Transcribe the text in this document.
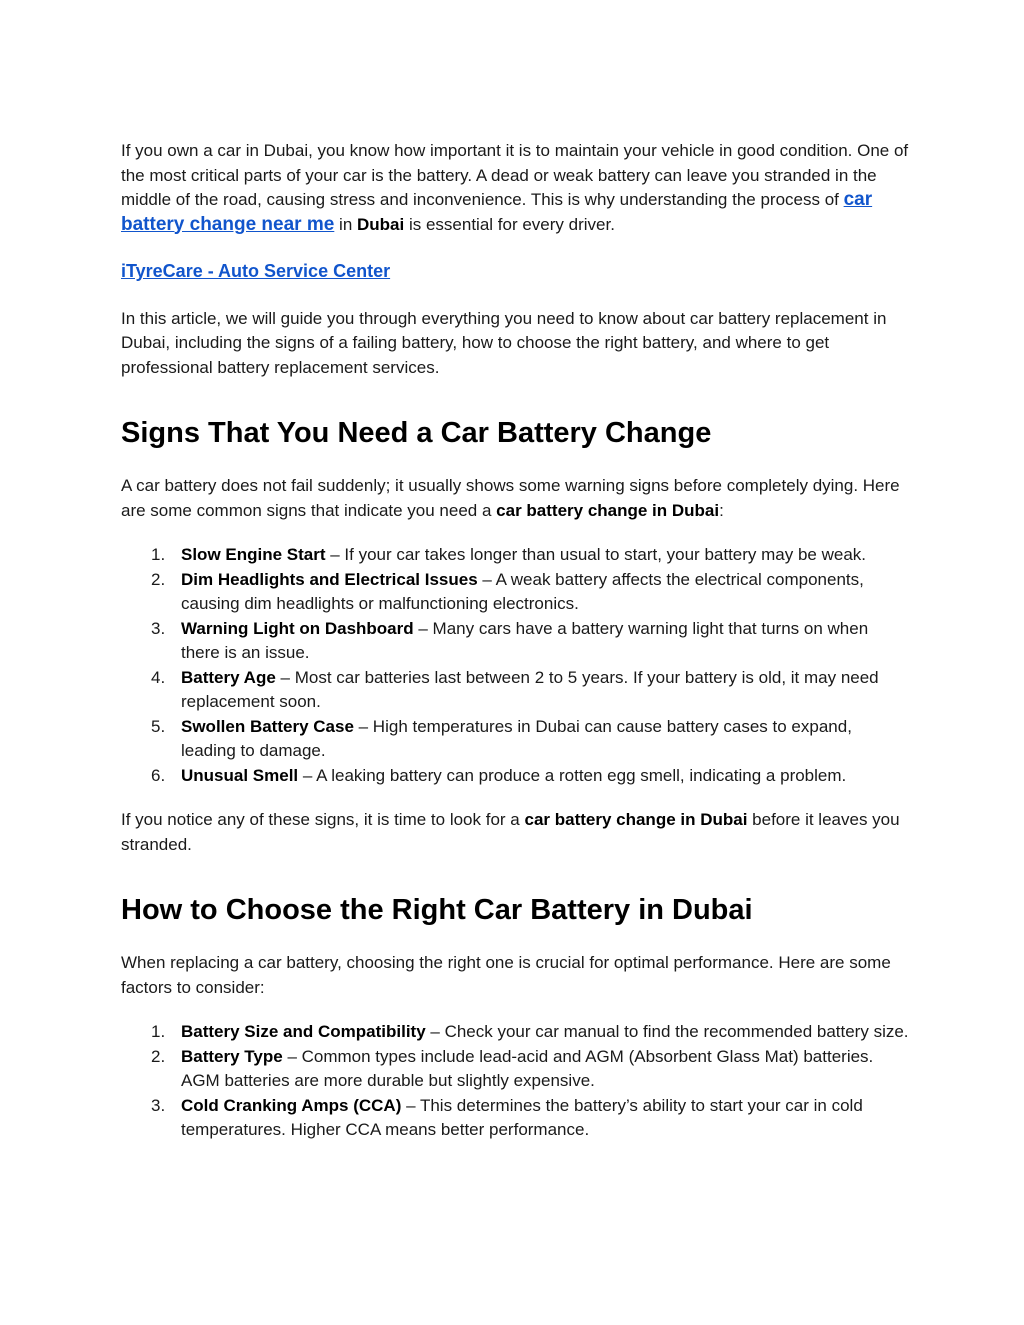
If you own a car in Dubai, you know how important it is to maintain your vehicle in good condition. One of the most critical parts of your car is the battery. A dead or weak battery can leave you stranded in the middle of the road, causing stress and inconvenience. This is why understanding the process of car battery change near me in Dubai is essential for every driver.

iTyreCare - Auto Service Center

In this article, we will guide you through everything you need to know about car battery replacement in Dubai, including the signs of a failing battery, how to choose the right battery, and where to get professional battery replacement services.

Signs That You Need a Car Battery Change

A car battery does not fail suddenly; it usually shows some warning signs before completely dying. Here are some common signs that indicate you need a car battery change in Dubai:

1. Slow Engine Start – If your car takes longer than usual to start, your battery may be weak.
2. Dim Headlights and Electrical Issues – A weak battery affects the electrical components, causing dim headlights or malfunctioning electronics.
3. Warning Light on Dashboard – Many cars have a battery warning light that turns on when there is an issue.
4. Battery Age – Most car batteries last between 2 to 5 years. If your battery is old, it may need replacement soon.
5. Swollen Battery Case – High temperatures in Dubai can cause battery cases to expand, leading to damage.
6. Unusual Smell – A leaking battery can produce a rotten egg smell, indicating a problem.

If you notice any of these signs, it is time to look for a car battery change in Dubai before it leaves you stranded.

How to Choose the Right Car Battery in Dubai

When replacing a car battery, choosing the right one is crucial for optimal performance. Here are some factors to consider:

1. Battery Size and Compatibility – Check your car manual to find the recommended battery size.
2. Battery Type – Common types include lead-acid and AGM (Absorbent Glass Mat) batteries. AGM batteries are more durable but slightly expensive.
3. Cold Cranking Amps (CCA) – This determines the battery’s ability to start your car in cold temperatures. Higher CCA means better performance.
